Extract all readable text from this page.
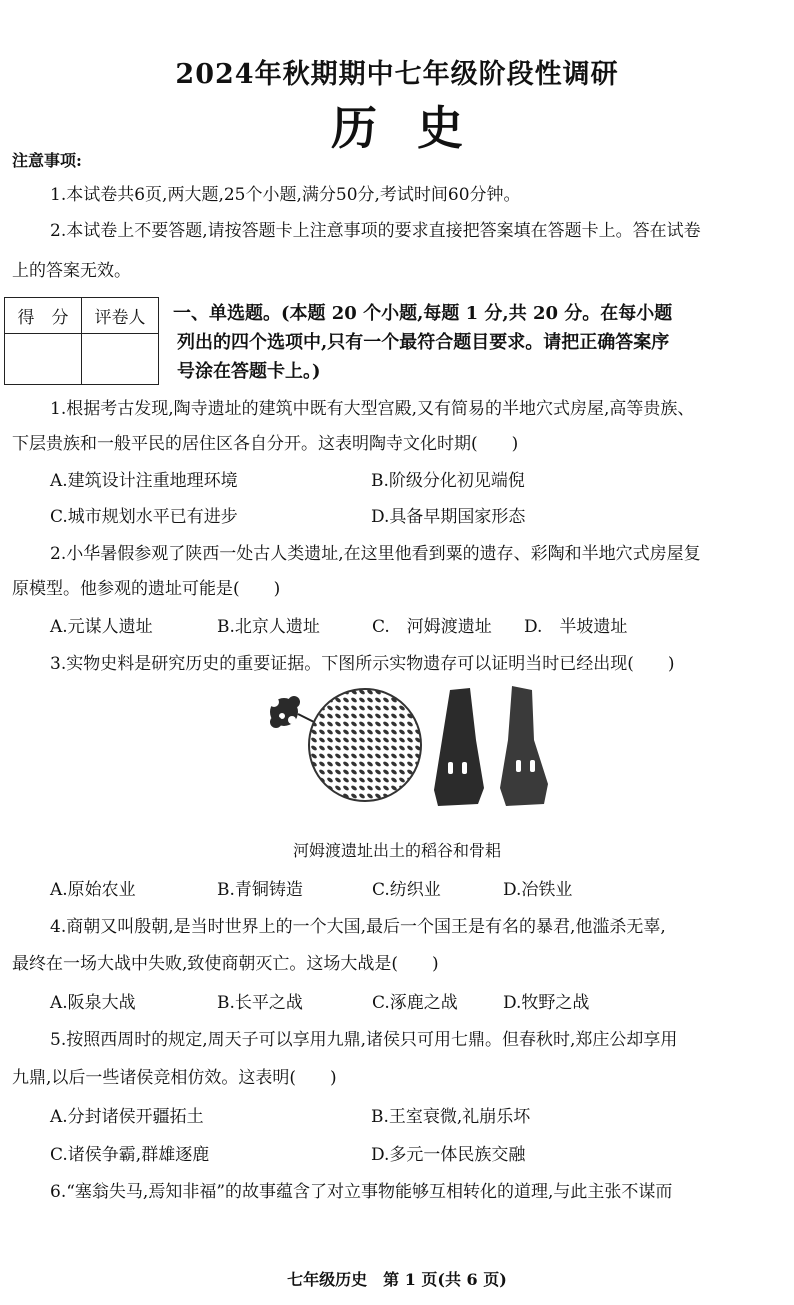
2024年秋期期中七年级阶段性调研
历史
注意事项:
1.本试卷共6页,两大题,25个小题,满分50分,考试时间60分钟。
2.本试卷上不要答题,请按答题卡上注意事项的要求直接把答案填在答题卡上。答在试卷
上的答案无效。
得　分	评卷人
	一、单选题。(本题 20 个小题,每题 1 分,共 20 分。在每小题
列出的四个选项中,只有一个最符合题目要求。请把正确答案序
号涂在答题卡上。)
1.根据考古发现,陶寺遗址的建筑中既有大型宫殿,又有简易的半地穴式房屋,高等贵族、
下层贵族和一般平民的居住区各自分开。这表明陶寺文化时期(　　)
A.建筑设计注重地理环境	B.阶级分化初见端倪
C.城市规划水平已有进步	D.具备早期国家形态
2.小华暑假参观了陕西一处古人类遗址,在这里他看到粟的遗存、彩陶和半地穴式房屋复
原模型。他参观的遗址可能是(　　)
A.元谋人遗址	B.北京人遗址	C.　河姆渡遗址 D.　半坡遗址
3.实物史料是研究历史的重要证据。下图所示实物遗存可以证明当时已经出现(　　)
河姆渡遗址出土的稻谷和骨耜
A.原始农业	B.青铜铸造	C.纺织业	D.冶铁业
4.商朝又叫殷朝,是当时世界上的一个大国,最后一个国王是有名的暴君,他滥杀无辜,
最终在一场大战中失败,致使商朝灭亡。这场大战是(　　)
A.阪泉大战	B.长平之战	C.涿鹿之战	D.牧野之战
5.按照西周时的规定,周天子可以享用九鼎,诸侯只可用七鼎。但春秋时,郑庄公却享用
九鼎,以后一些诸侯竞相仿效。这表明(　　)
A.分封诸侯开疆拓土	B.王室衰微,礼崩乐坏
C.诸侯争霸,群雄逐鹿	D.多元一体民族交融
6.“塞翁失马,焉知非福”的故事蕴含了对立事物能够互相转化的道理,与此主张不谋而
七年级历史　第 1 页(共 6 页)
